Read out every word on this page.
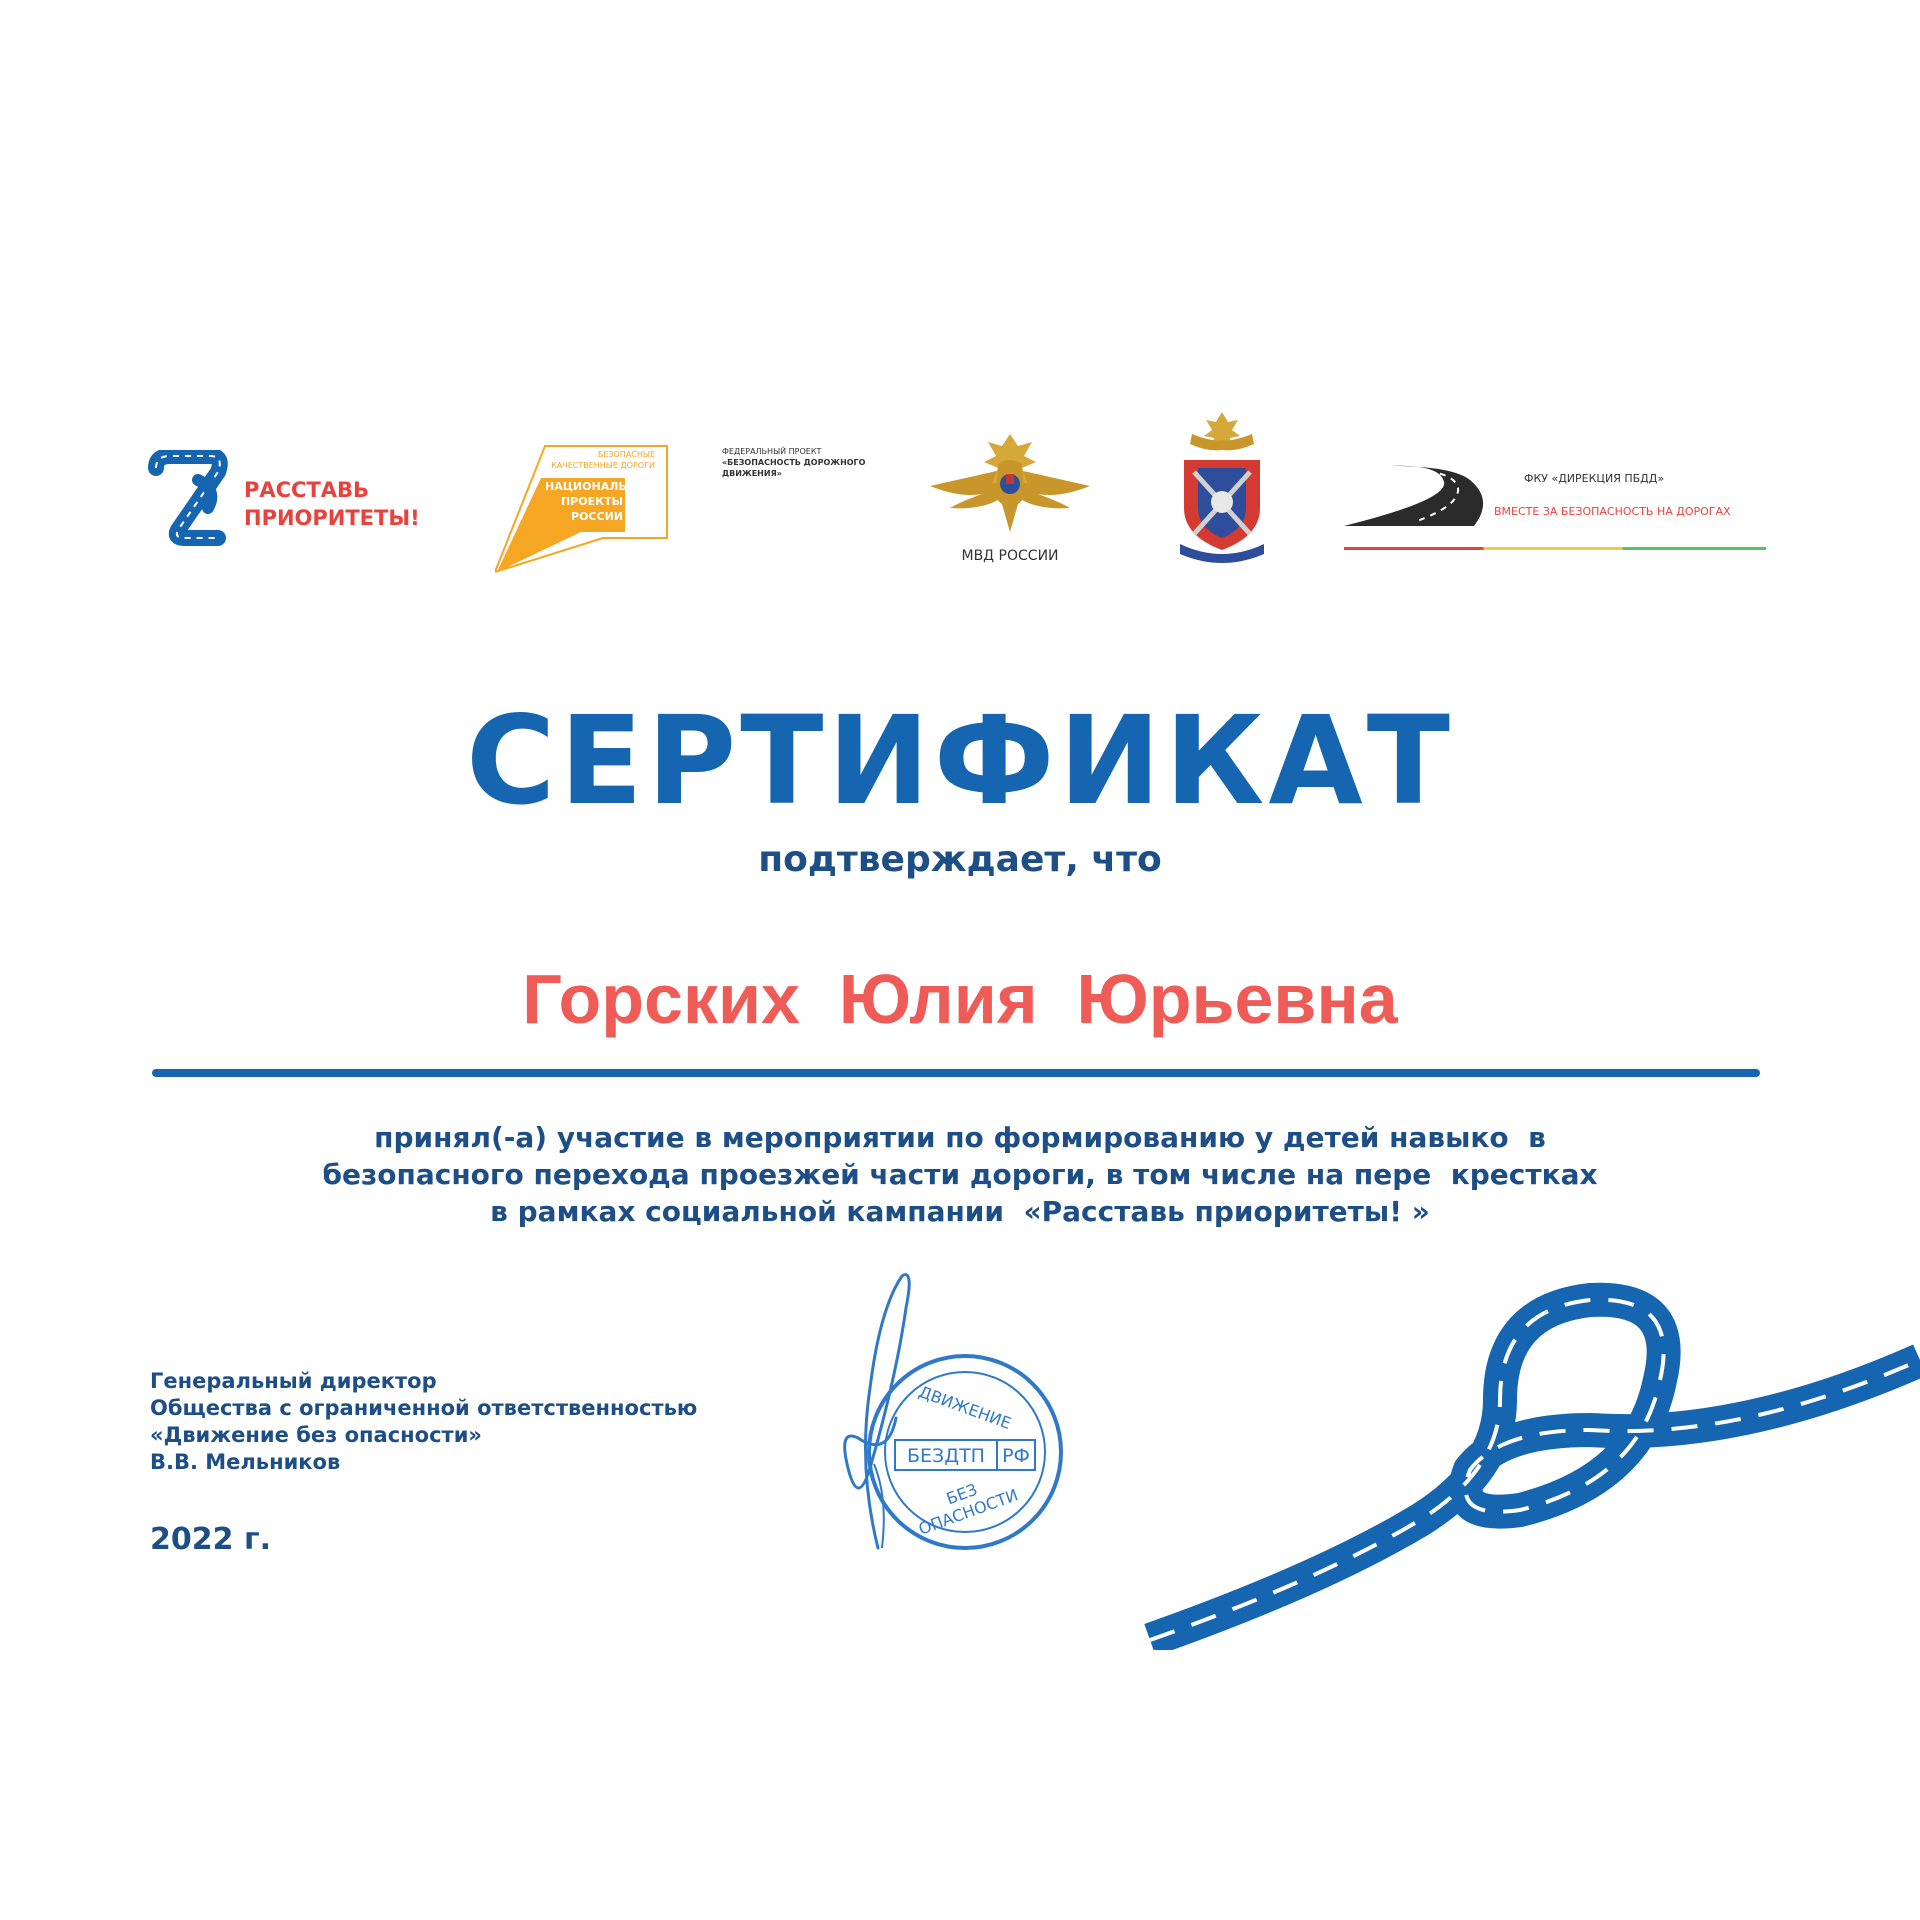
РАССТАВЬ
ПРИОРИТЕТЫ!
БЕЗОПАСНЫЕ
КАЧЕСТВЕННЫЕ ДОРОГИ
НАЦИОНАЛЬНЫЕ
ПРОЕКТЫ
РОССИИ
ФЕДЕРАЛЬНЫЙ ПРОЕКТ
«БЕЗОПАСНОСТЬ ДОРОЖНОГО
ДВИЖЕНИЯ»
МВД РОССИИ
ФКУ «ДИРЕКЦИЯ ПБДД»
ВМЕСТЕ ЗА БЕЗОПАСНОСТЬ НА ДОРОГАХ
СЕРТИФИКАТ
подтверждает, что
Горских  Юлия  Юрьевна
принял(-а) участие в мероприятии по формированию у детей навыко  в
безопасного перехода проезжей части дороги, в том числе на пере  крестках
в рамках социальной кампании  «Расставь приоритеты! »
Генеральный директор
Общества с ограниченной ответственностью
«Движение без опасности»
В.В. Мельников
2022 г.
ДВИЖЕНИЕ
БЕЗДТП РФ
БЕЗ ОПАСНОСТИ
